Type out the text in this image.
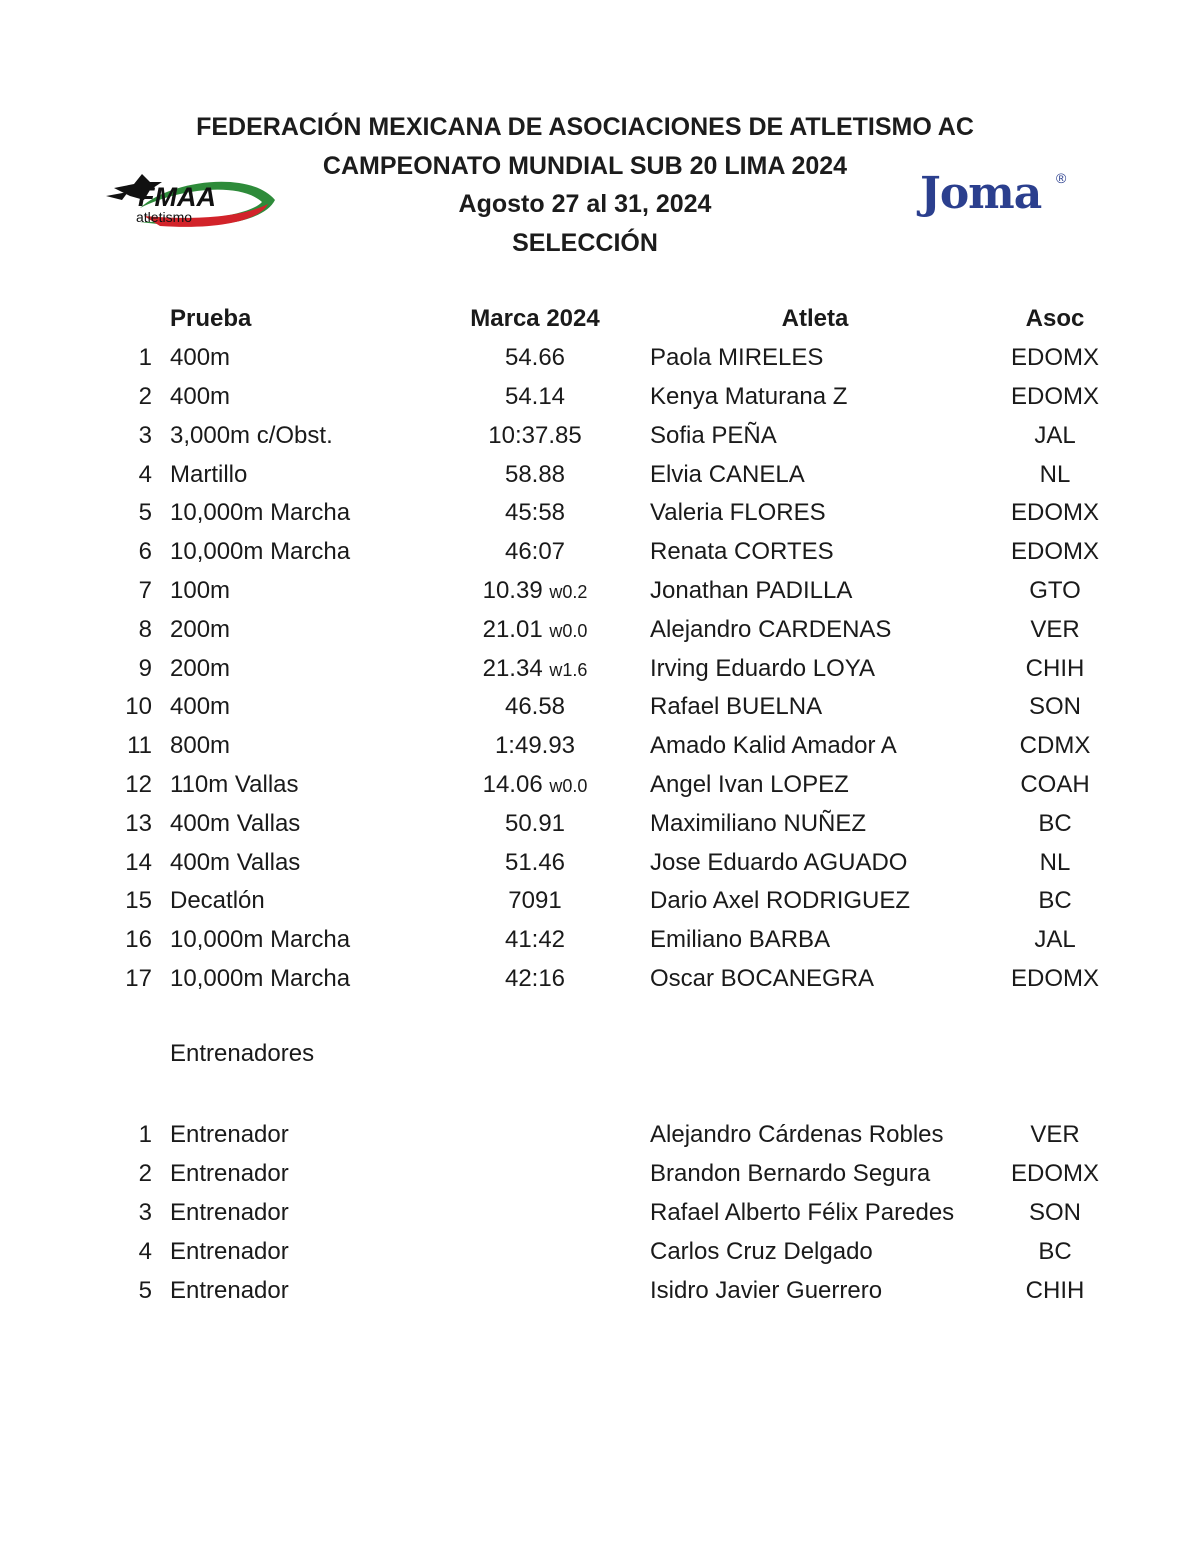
FEDERACIÓN MEXICANA DE ASOCIACIONES DE ATLETISMO AC
CAMPEONATO MUNDIAL SUB 20 LIMA 2024
Agosto 27 al 31, 2024
SELECCIÓN
FMAA
atletismo	Joma ®
	Prueba	Marca 2024	Atleta	Asoc
1	400m	54.66	Paola MIRELES	EDOMX
2	400m	54.14	Kenya Maturana Z	EDOMX
3	3,000m c/Obst.	10:37.85	Sofia PEÑA	JAL
4	Martillo	58.88	Elvia CANELA	NL
5	10,000m Marcha	45:58	Valeria FLORES	EDOMX
6	10,000m Marcha	46:07	Renata CORTES	EDOMX
7	100m	10.39 w0.2	Jonathan PADILLA	GTO
8	200m	21.01 w0.0	Alejandro CARDENAS	VER
9	200m	21.34 w1.6	Irving Eduardo LOYA	CHIH
10	400m	46.58	Rafael BUELNA	SON
11	800m	1:49.93	Amado Kalid Amador A	CDMX
12	110m Vallas	14.06 w0.0	Angel Ivan LOPEZ	COAH
13	400m Vallas	50.91	Maximiliano NUÑEZ	BC
14	400m Vallas	51.46	Jose Eduardo AGUADO	NL
15	Decatlón	7091	Dario Axel RODRIGUEZ	BC
16	10,000m Marcha	41:42	Emiliano BARBA	JAL
17	10,000m Marcha	42:16	Oscar BOCANEGRA	EDOMX
Entrenadores
1	Entrenador		Alejandro Cárdenas Robles	VER
2	Entrenador		Brandon Bernardo Segura	EDOMX
3	Entrenador		Rafael Alberto Félix Paredes	SON
4	Entrenador		Carlos Cruz Delgado	BC
5	Entrenador		Isidro Javier Guerrero	CHIH
